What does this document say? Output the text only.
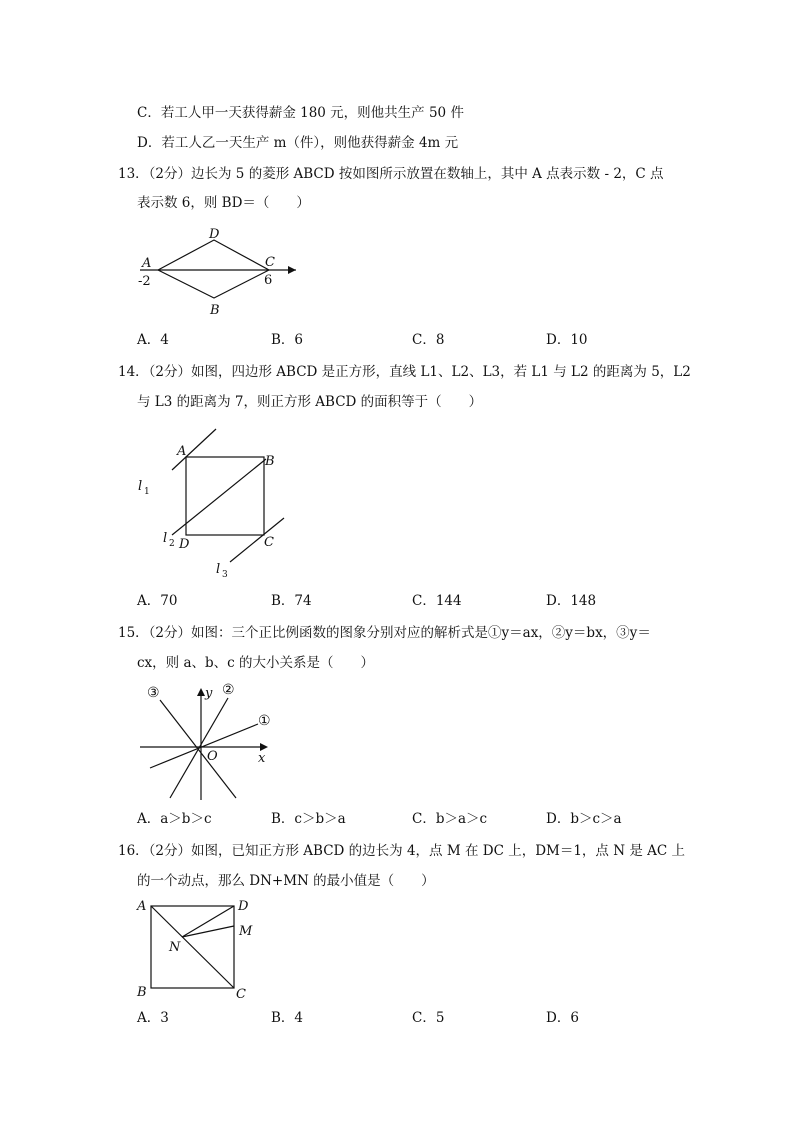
C．若工人甲一天获得薪金 180 元，则他共生产 50 件
D．若工人乙一天生产 m（件），则他获得薪金 4m 元
13．（2分）边长为 5 的菱形 ABCD 按如图所示放置在数轴上，其中 A 点表示数 - 2，C 点
表示数 6，则 BD＝（　　）
A
-2
D
C
6
B
A．4	B．6	C．8	D．10
14．（2分）如图，四边形 ABCD 是正方形，直线 L1、L2、L3，若 L1 与 L2 的距离为 5，L2
与 L3 的距离为 7，则正方形 ABCD 的面积等于（　　）
A
B
D	C
l 1
l 2
l 3
A．70	B．74	C．144	D．148
15．（2分）如图：三个正比例函数的图象分别对应的解析式是①y＝ax，②y＝bx，③y＝
cx，则 a、b、c 的大小关系是（　　）
①
②
③	y
x
O
A．a＞b＞c	B．c＞b＞a	C．b＞a＞c	D．b＞c＞a
16．（2分）如图，已知正方形 ABCD 的边长为 4，点 M 在 DC 上，DM＝1，点 N 是 AC 上
的一个动点，那么 DN+MN 的最小值是（　　）
A	D
M
N
B	C
A．3	B．4	C．5	D．6
